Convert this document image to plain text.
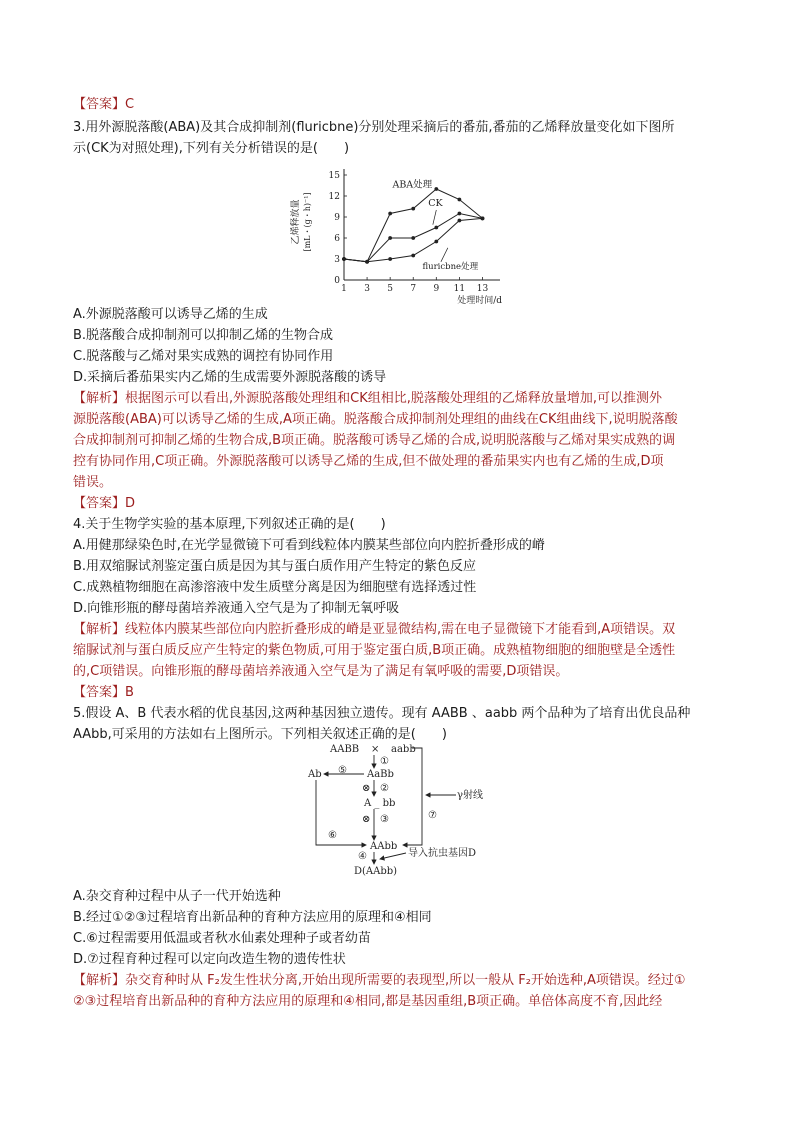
【答案】C
3.用外源脱落酸(ABA)及其合成抑制剂(fluricbne)分别处理采摘后的番茄,番茄的乙烯释放量变化如下图所
示(CK为对照处理),下列有关分析错误的是(　　)
1 3 5 7 9 11 13
0
3
6
9
12
15
处理时间/d
乙烯释放量 [mL・(g・h)⁻¹]
ABA处理
CK
fluricbne处理
A.外源脱落酸可以诱导乙烯的生成
B.脱落酸合成抑制剂可以抑制乙烯的生物合成
C.脱落酸与乙烯对果实成熟的调控有协同作用
D.采摘后番茄果实内乙烯的生成需要外源脱落酸的诱导
【解析】根据图示可以看出,外源脱落酸处理组和CK组相比,脱落酸处理组的乙烯释放量增加,可以推测外
源脱落酸(ABA)可以诱导乙烯的生成,A项正确。脱落酸合成抑制剂处理组的曲线在CK组曲线下,说明脱落酸
合成抑制剂可抑制乙烯的生物合成,B项正确。脱落酸可诱导乙烯的合成,说明脱落酸与乙烯对果实成熟的调
控有协同作用,C项正确。外源脱落酸可以诱导乙烯的生成,但不做处理的番茄果实内也有乙烯的生成,D项
错误。
【答案】D
4.关于生物学实验的基本原理,下列叙述正确的是(　　)
A.用健那绿染色时,在光学显微镜下可看到线粒体内膜某些部位向内腔折叠形成的嵴
B.用双缩脲试剂鉴定蛋白质是因为其与蛋白质作用产生特定的紫色反应
C.成熟植物细胞在高渗溶液中发生质壁分离是因为细胞壁有选择透过性
D.向锥形瓶的酵母菌培养液通入空气是为了抑制无氧呼吸
【解析】线粒体内膜某些部位向内腔折叠形成的嵴是亚显微结构,需在电子显微镜下才能看到,A项错误。双
缩脲试剂与蛋白质反应产生特定的紫色物质,可用于鉴定蛋白质,B项正确。成熟植物细胞的细胞壁是全透性
的,C项错误。向锥形瓶的酵母菌培养液通入空气是为了满足有氧呼吸的需要,D项错误。
【答案】B
5.假设 A、B 代表水稻的优良基因,这两种基因独立遗传。现有 AABB 、aabb 两个品种为了培育出优良品种
AAbb,可采用的方法如右上图所示。下列相关叙述正确的是(　　)
AABB × aabb
①
AaBb
⊗ ②
A _ bb
⊗ ③
AAbb
④
D(AAbb)
Ab ⑤
⑥
⑦
γ射线
导入抗虫基因D
A.杂交育种过程中从子一代开始选种
B.经过①②③过程培育出新品种的育种方法应用的原理和④相同
C.⑥过程需要用低温或者秋水仙素处理种子或者幼苗
D.⑦过程育种过程可以定向改造生物的遗传性状
【解析】杂交育种时从 F₂发生性状分离,开始出现所需要的表现型,所以一般从 F₂开始选种,A项错误。经过①
②③过程培育出新品种的育种方法应用的原理和④相同,都是基因重组,B项正确。单倍体高度不育,因此经
